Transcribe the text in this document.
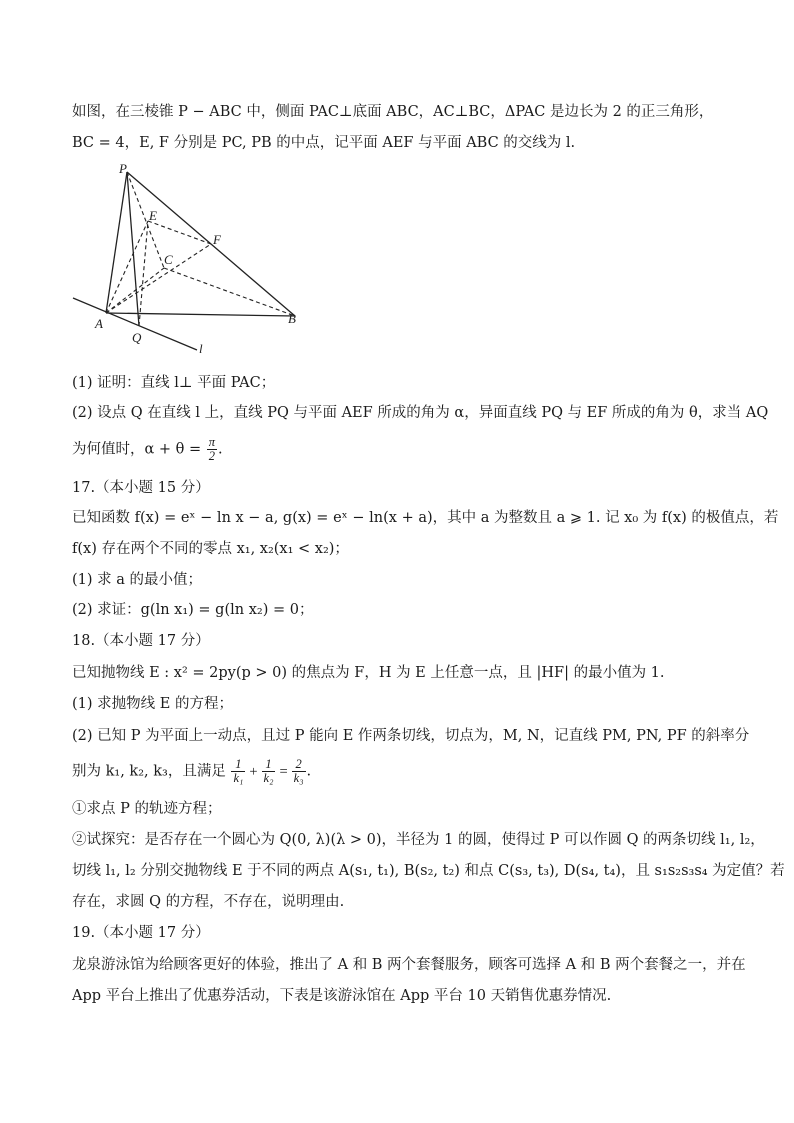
如图，在三棱锥 P − ABC 中，侧面 PAC⊥底面 ABC，AC⊥BC，ΔPAC 是边长为 2 的正三角形，
BC = 4，E, F 分别是 PC, PB 的中点，记平面 AEF 与平面 ABC 的交线为 l.
P
E
F
C
A	B
Q
l
(1) 证明：直线 l⊥ 平面 PAC；
(2) 设点 Q 在直线 l 上，直线 PQ 与平面 AEF 所成的角为 α，异面直线 PQ 与 EF 所成的角为 θ，求当 AQ
为何值时，$\alpha + \theta = \frac{\pi}{2}$ .
17.（本小题 15 分）
已知函数 f(x) = eˣ − ln x − a, g(x) = eˣ − ln(x + a)，其中 a 为整数且 a ⩾ 1. 记 x₀ 为 f(x) 的极值点，若
f(x) 存在两个不同的零点 x₁, x₂(x₁ < x₂)；
(1) 求 a 的最小值；
(2) 求证：g(ln x₁) = g(ln x₂) = 0；
18.（本小题 17 分）
已知抛物线 E : x² = 2py(p > 0) 的焦点为 F，H 为 E 上任意一点，且 |HF| 的最小值为 1.
(1) 求抛物线 E 的方程；
(2) 已知 P 为平面上一动点，且过 P 能向 E 作两条切线，切点为，M, N，记直线 PM, PN, PF 的斜率分
别为 k₁, k₂, k₃，且满足 $\frac{1}{\text{k₁}} + \frac{1}{\text{k₂}} = \frac{2}{\text{k₃}}$ .
①求点 P 的轨迹方程；
②试探究：是否存在一个圆心为 Q(0, λ)(λ > 0)，半径为 1 的圆，使得过 P 可以作圆 Q 的两条切线 l₁, l₂，
切线 l₁, l₂ 分别交抛物线 E 于不同的两点 A(s₁, t₁), B(s₂, t₂) 和点 C(s₃, t₃), D(s₄, t₄)，且 s₁s₂s₃s₄ 为定值？若
存在，求圆 Q 的方程，不存在，说明理由.
19.（本小题 17 分）
龙泉游泳馆为给顾客更好的体验，推出了 A 和 B 两个套餐服务，顾客可选择 A 和 B 两个套餐之一，并在
App 平台上推出了优惠券活动，下表是该游泳馆在 App 平台 10 天销售优惠券情况.
